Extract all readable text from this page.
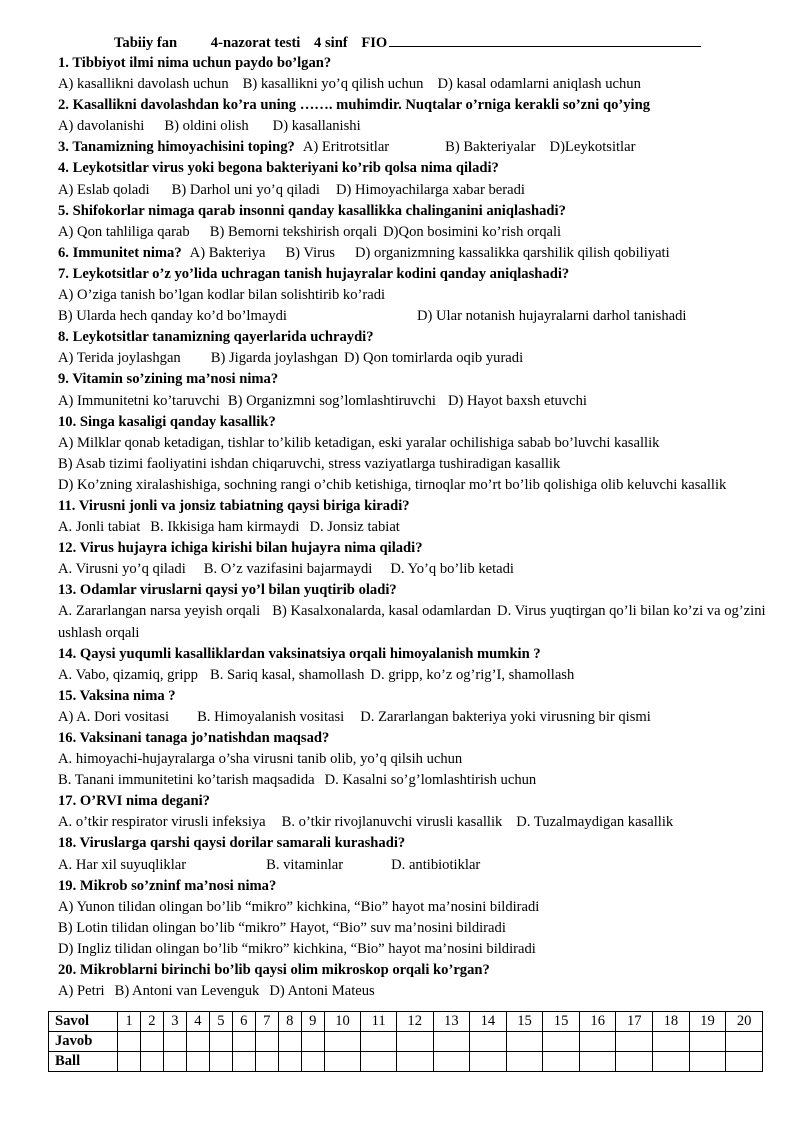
Tabiiy fan 4-nazorat testi 4 sinf FIO
1. Tibbiyot ilmi nima uchun paydo bo’lgan?
A) kasallikni davolash uchun B) kasallikni yo’q qilish uchun D) kasal odamlarni aniqlash uchun
2. Kasallikni davolashdan ko’ra uning ……. muhimdir. Nuqtalar o’rniga kerakli so’zni qo’ying
A) davolanishi B) oldini olish D) kasallanishi
3. Tanamizning himoyachisini toping? A) Eritrotsitlar	B) Bakteriyalar D)Leykotsitlar
4. Leykotsitlar virus yoki begona bakteriyani ko’rib qolsa nima qiladi?
A) Eslab qoladi B) Darhol uni yo’q qiladi D) Himoyachilarga xabar beradi
5. Shifokorlar nimaga qarab insonni qanday kasallikka chalinganini aniqlashadi?
A) Qon tahliliga qarab B) Bemorni tekshirish orqali D)Qon bosimini ko’rish orqali
6. Immunitet nima? A) Bakteriya B) Virus D) organizmning kassalikka qarshilik qilish qobiliyati
7. Leykotsitlar o’z yo’lida uchragan tanish hujayralar kodini qanday aniqlashadi?
A) O’ziga tanish bo’lgan kodlar bilan solishtirib ko’radi
B) Ularda hech qanday ko’d bo’lmaydi	D) Ular notanish hujayralarni darhol tanishadi
8. Leykotsitlar tanamizning qayerlarida uchraydi?
A) Terida joylashgan B) Jigarda joylashgan D) Qon tomirlarda oqib yuradi
9. Vitamin so’zining ma’nosi nima?
A) Immunitetni ko’taruvchi B) Organizmni sog’lomlashtiruvchi D) Hayot baxsh etuvchi
10. Singa kasaligi qanday kasallik?
A) Milklar qonab ketadigan, tishlar to’kilib ketadigan, eski yaralar ochilishiga sabab bo’luvchi kasallik
B) Asab tizimi faoliyatini ishdan chiqaruvchi, stress vaziyatlarga tushiradigan kasallik
D) Ko’zning xiralashishiga, sochning rangi o’chib ketishiga, tirnoqlar mo’rt bo’lib qolishiga olib keluvchi kasallik
11. Virusni jonli va jonsiz tabiatning qaysi biriga kiradi?
A. Jonli tabiat B. Ikkisiga ham kirmaydi D. Jonsiz tabiat
12. Virus hujayra ichiga kirishi bilan hujayra nima qiladi?
A. Virusni yo’q qiladi B. O’z vazifasini bajarmaydi D. Yo’q bo’lib ketadi
13. Odamlar viruslarni qaysi yo’l bilan yuqtirib oladi?
A. Zararlangan narsa yeyish orqali B) Kasalxonalarda, kasal odamlardan D. Virus yuqtirgan qo’li bilan ko’zi va og’zini ushlash orqali
14. Qaysi yuqumli kasalliklardan vaksinatsiya orqali himoyalanish mumkin ?
A. Vabo, qizamiq, gripp B. Sariq kasal, shamollash D. gripp, ko’z og’rig’I, shamollash
15. Vaksina nima ?
A) A. Dori vositasi B. Himoyalanish vositasi D. Zararlangan bakteriya yoki virusning bir qismi
16. Vaksinani tanaga jo’natishdan maqsad?
A. himoyachi-hujayralarga o’sha virusni tanib olib, yo’q qilsih uchun
B. Tanani immunitetini ko’tarish maqsadida D. Kasalni so’g’lomlashtirish uchun
17. O’RVI nima degani?
A. o’tkir respirator virusli infeksiya B. o’tkir rivojlanuvchi virusli kasallik D. Tuzalmaydigan kasallik
18. Viruslarga qarshi qaysi dorilar samarali kurashadi?
A. Har xil suyuqliklar	B. vitaminlar	D. antibiotiklar
19. Mikrob so’zninf ma’nosi nima?
A) Yunon tilidan olingan bo’lib “mikro” kichkina, “Bio” hayot ma’nosini bildiradi
B) Lotin tilidan olingan bo’lib “mikro” Hayot, “Bio” suv ma’nosini bildiradi
D) Ingliz tilidan olingan bo’lib “mikro” kichkina, “Bio” hayot ma’nosini bildiradi
20. Mikroblarni birinchi bo’lib qaysi olim mikroskop orqali ko’rgan?
A) Petri B) Antoni van Levenguk D) Antoni Mateus
Savol	1	2	3	4	5	6	7	8	9	10	11	12	13	14	15	15	16	17	18	19	20
Javob																					
Ball																					
